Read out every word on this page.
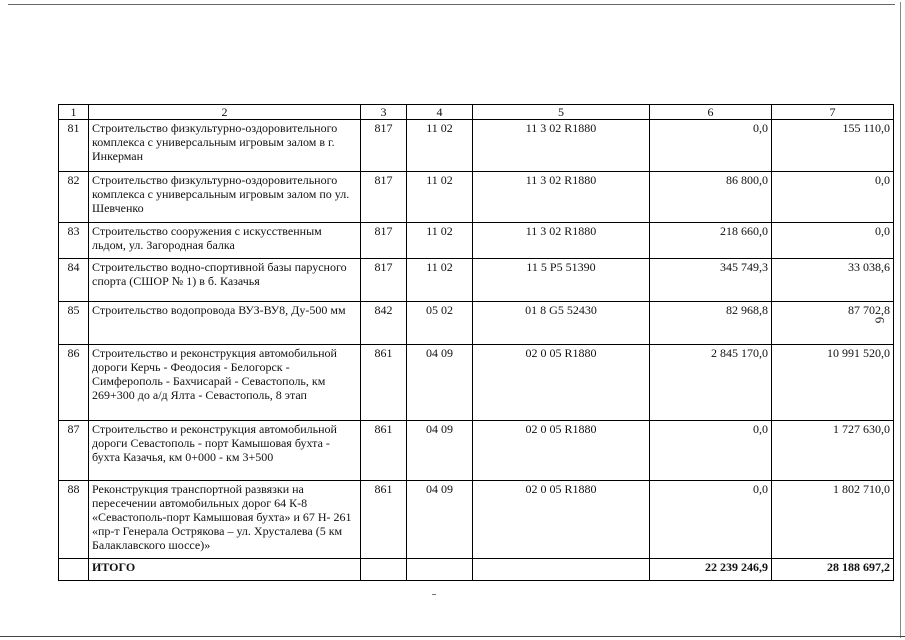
1	2	3	4	5	6	7
81	Строительство физкультурно-оздоровительного комплекса с универсальным игровым залом в г. Инкерман	817	11 02	11 3 02 R1880	0,0	155 110,0
82	Строительство физкультурно-оздоровительного комплекса с универсальным игровым залом по ул. Шевченко	817	11 02	11 3 02 R1880	86 800,0	0,0
83	Строительство сооружения с искусственным льдом, ул. Загородная балка	817	11 02	11 3 02 R1880	218 660,0	0,0
84	Строительство водно-спортивной базы парусного спорта (СШОР № 1) в б. Казачья	817	11 02	11 5 P5 51390	345 749,3	33 038,6
85	Строительство водопровода ВУЗ-ВУ8, Ду-500 мм	842	05 02	01 8 G5 52430	82 968,8	87 702,8
86	Строительство и реконструкция автомобильной дороги Керчь - Феодосия - Белогорск - Симферополь - Бахчисарай - Севастополь, км 269+300 до а/д Ялта - Севастополь, 8 этап	861	04 09	02 0 05 R1880	2 845 170,0	10 991 520,0
87	Строительство и реконструкция автомобильной дороги Севастополь - порт Камышовая бухта - бухта Казачья, км 0+000 - км 3+500	861	04 09	02 0 05 R1880	0,0	1 727 630,0
88	Реконструкция транспортной развязки на пересечении автомобильных дорог 64 К-8 «Севастополь-порт Камышовая бухта» и 67 Н- 261 «пр-т Генерала Острякова – ул. Хрусталева (5 км Балаклавского шоссе)»	861	04 09	02 0 05 R1880	0,0	1 802 710,0
	ИТОГО				22 239 246,9	28 188 697,2
6
